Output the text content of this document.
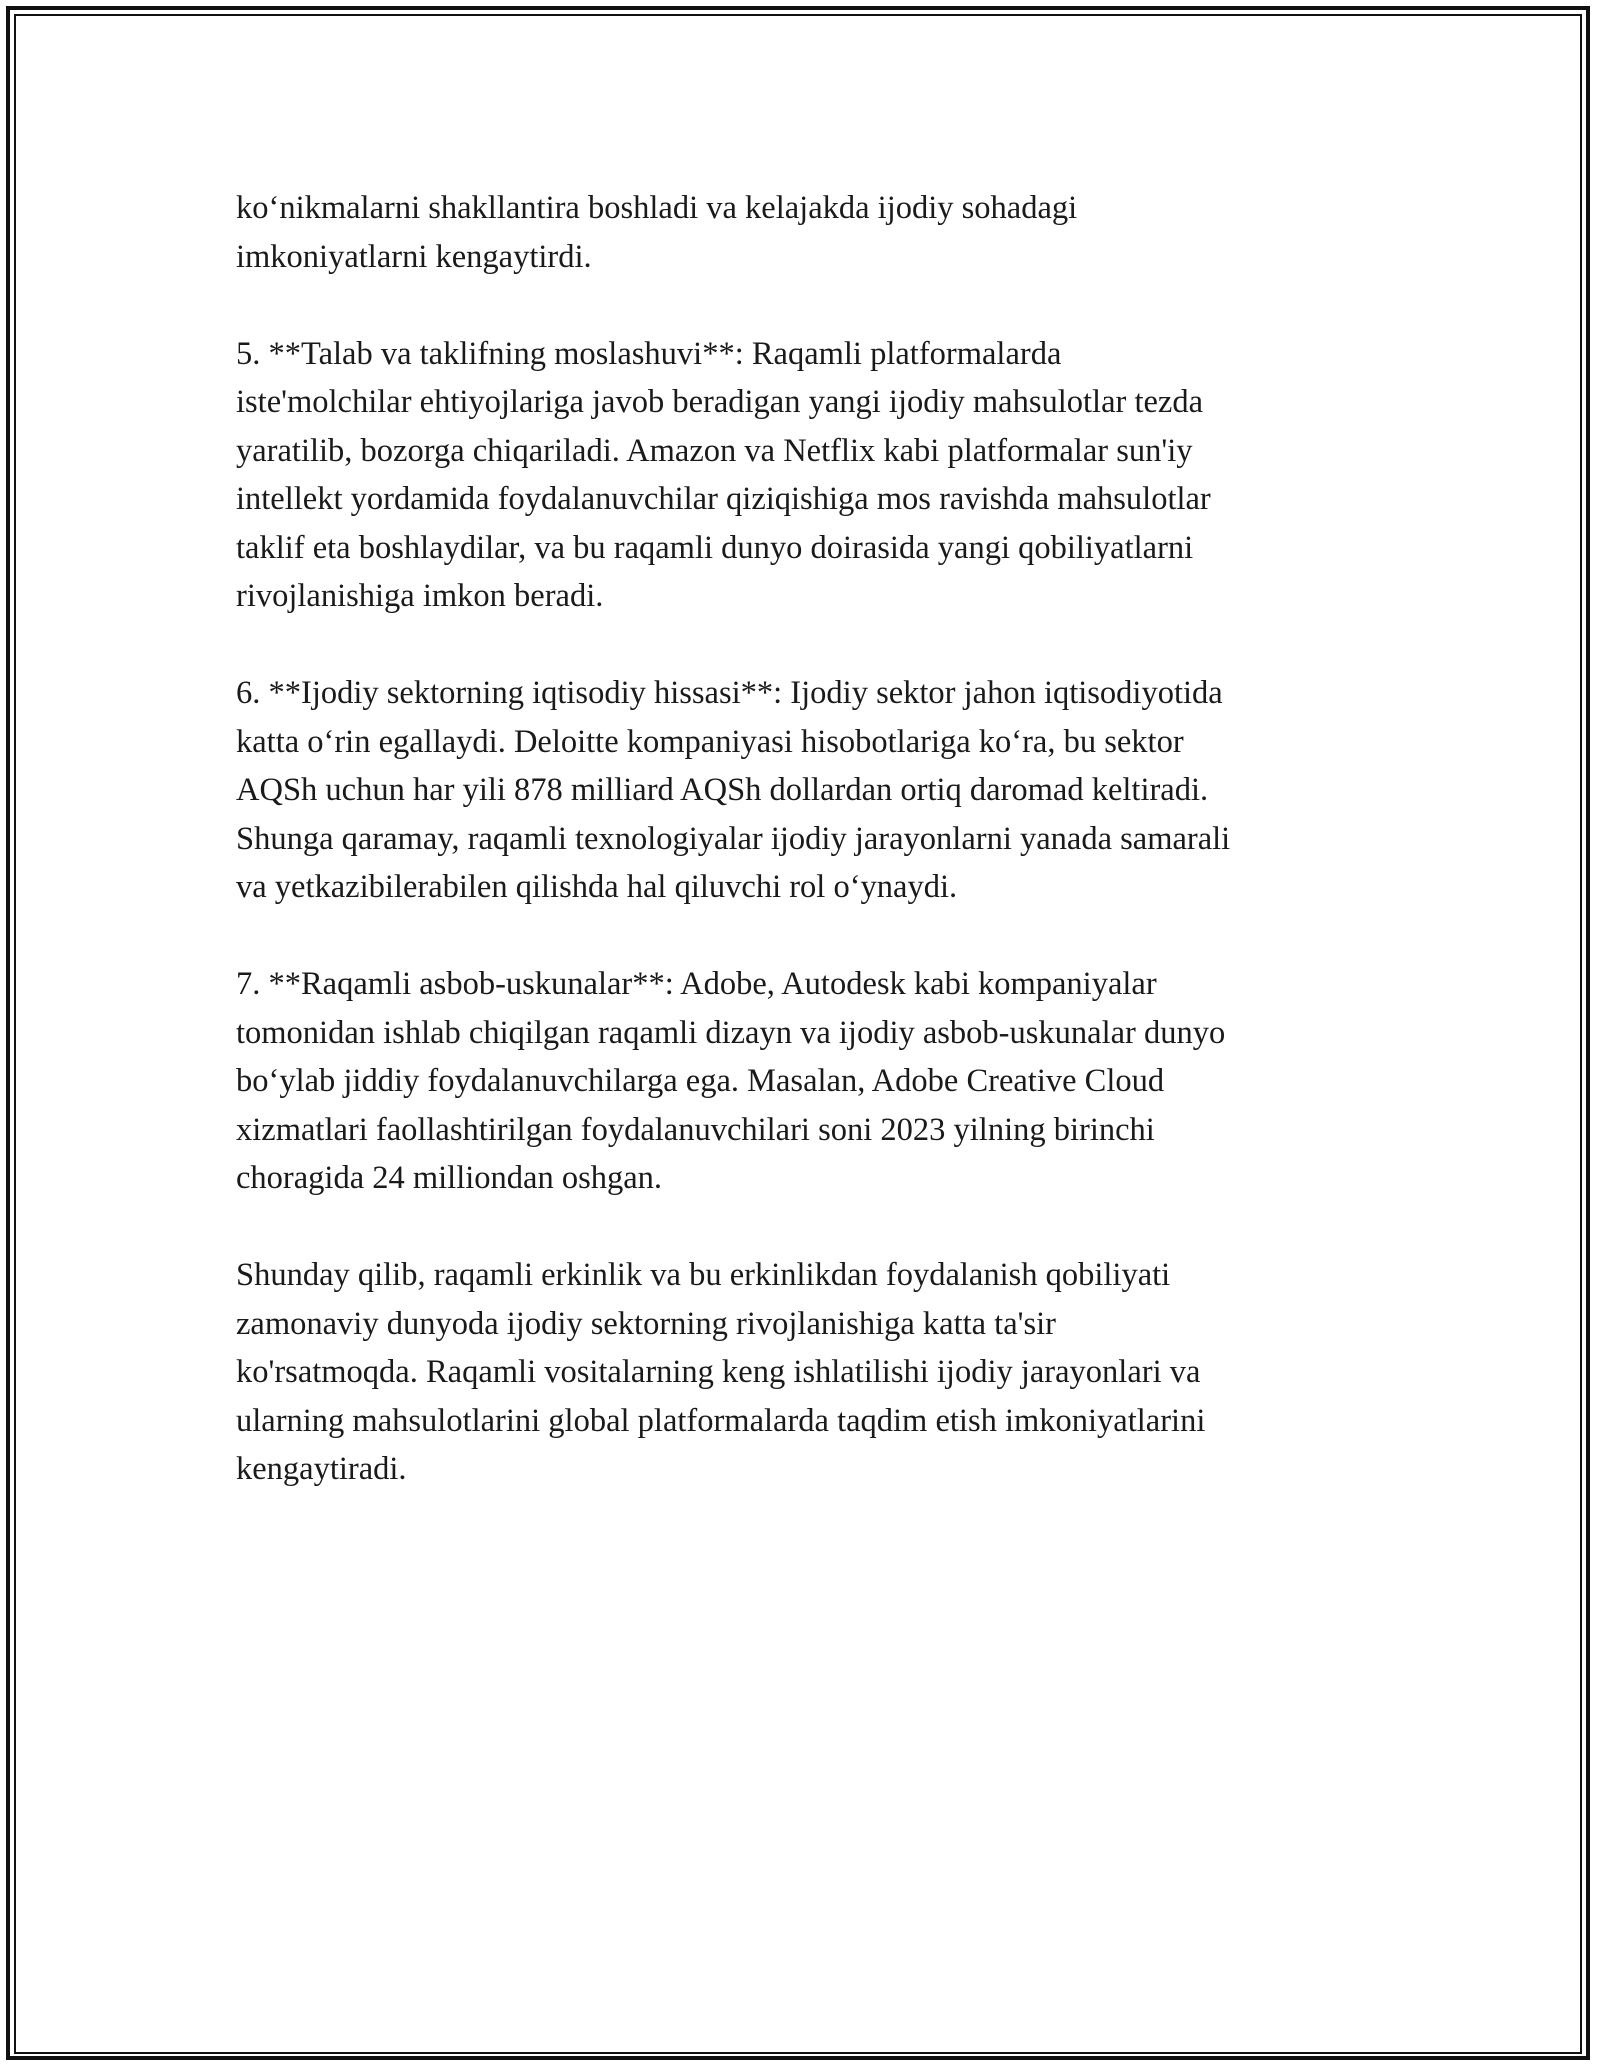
ko‘nikmalarni shakllantira boshladi va kelajakda ijodiy sohadagi
imkoniyatlarni kengaytirdi.

5. **Talab va taklifning moslashuvi**: Raqamli platformalarda
iste'molchilar ehtiyojlariga javob beradigan yangi ijodiy mahsulotlar tezda
yaratilib, bozorga chiqariladi. Amazon va Netflix kabi platformalar sun'iy
intellekt yordamida foydalanuvchilar qiziqishiga mos ravishda mahsulotlar
taklif eta boshlaydilar, va bu raqamli dunyo doirasida yangi qobiliyatlarni
rivojlanishiga imkon beradi.

6. **Ijodiy sektorning iqtisodiy hissasi**: Ijodiy sektor jahon iqtisodiyotida
katta o‘rin egallaydi. Deloitte kompaniyasi hisobotlariga ko‘ra, bu sektor
AQSh uchun har yili 878 milliard AQSh dollardan ortiq daromad keltiradi.
Shunga qaramay, raqamli texnologiyalar ijodiy jarayonlarni yanada samarali
va yetkazibilerabilen qilishda hal qiluvchi rol o‘ynaydi.

7. **Raqamli asbob-uskunalar**: Adobe, Autodesk kabi kompaniyalar
tomonidan ishlab chiqilgan raqamli dizayn va ijodiy asbob-uskunalar dunyo
bo‘ylab jiddiy foydalanuvchilarga ega. Masalan, Adobe Creative Cloud
xizmatlari faollashtirilgan foydalanuvchilari soni 2023 yilning birinchi
choragida 24 milliondan oshgan.

Shunday qilib, raqamli erkinlik va bu erkinlikdan foydalanish qobiliyati
zamonaviy dunyoda ijodiy sektorning rivojlanishiga katta ta'sir
ko'rsatmoqda. Raqamli vositalarning keng ishlatilishi ijodiy jarayonlari va
ularning mahsulotlarini global platformalarda taqdim etish imkoniyatlarini
kengaytiradi.
